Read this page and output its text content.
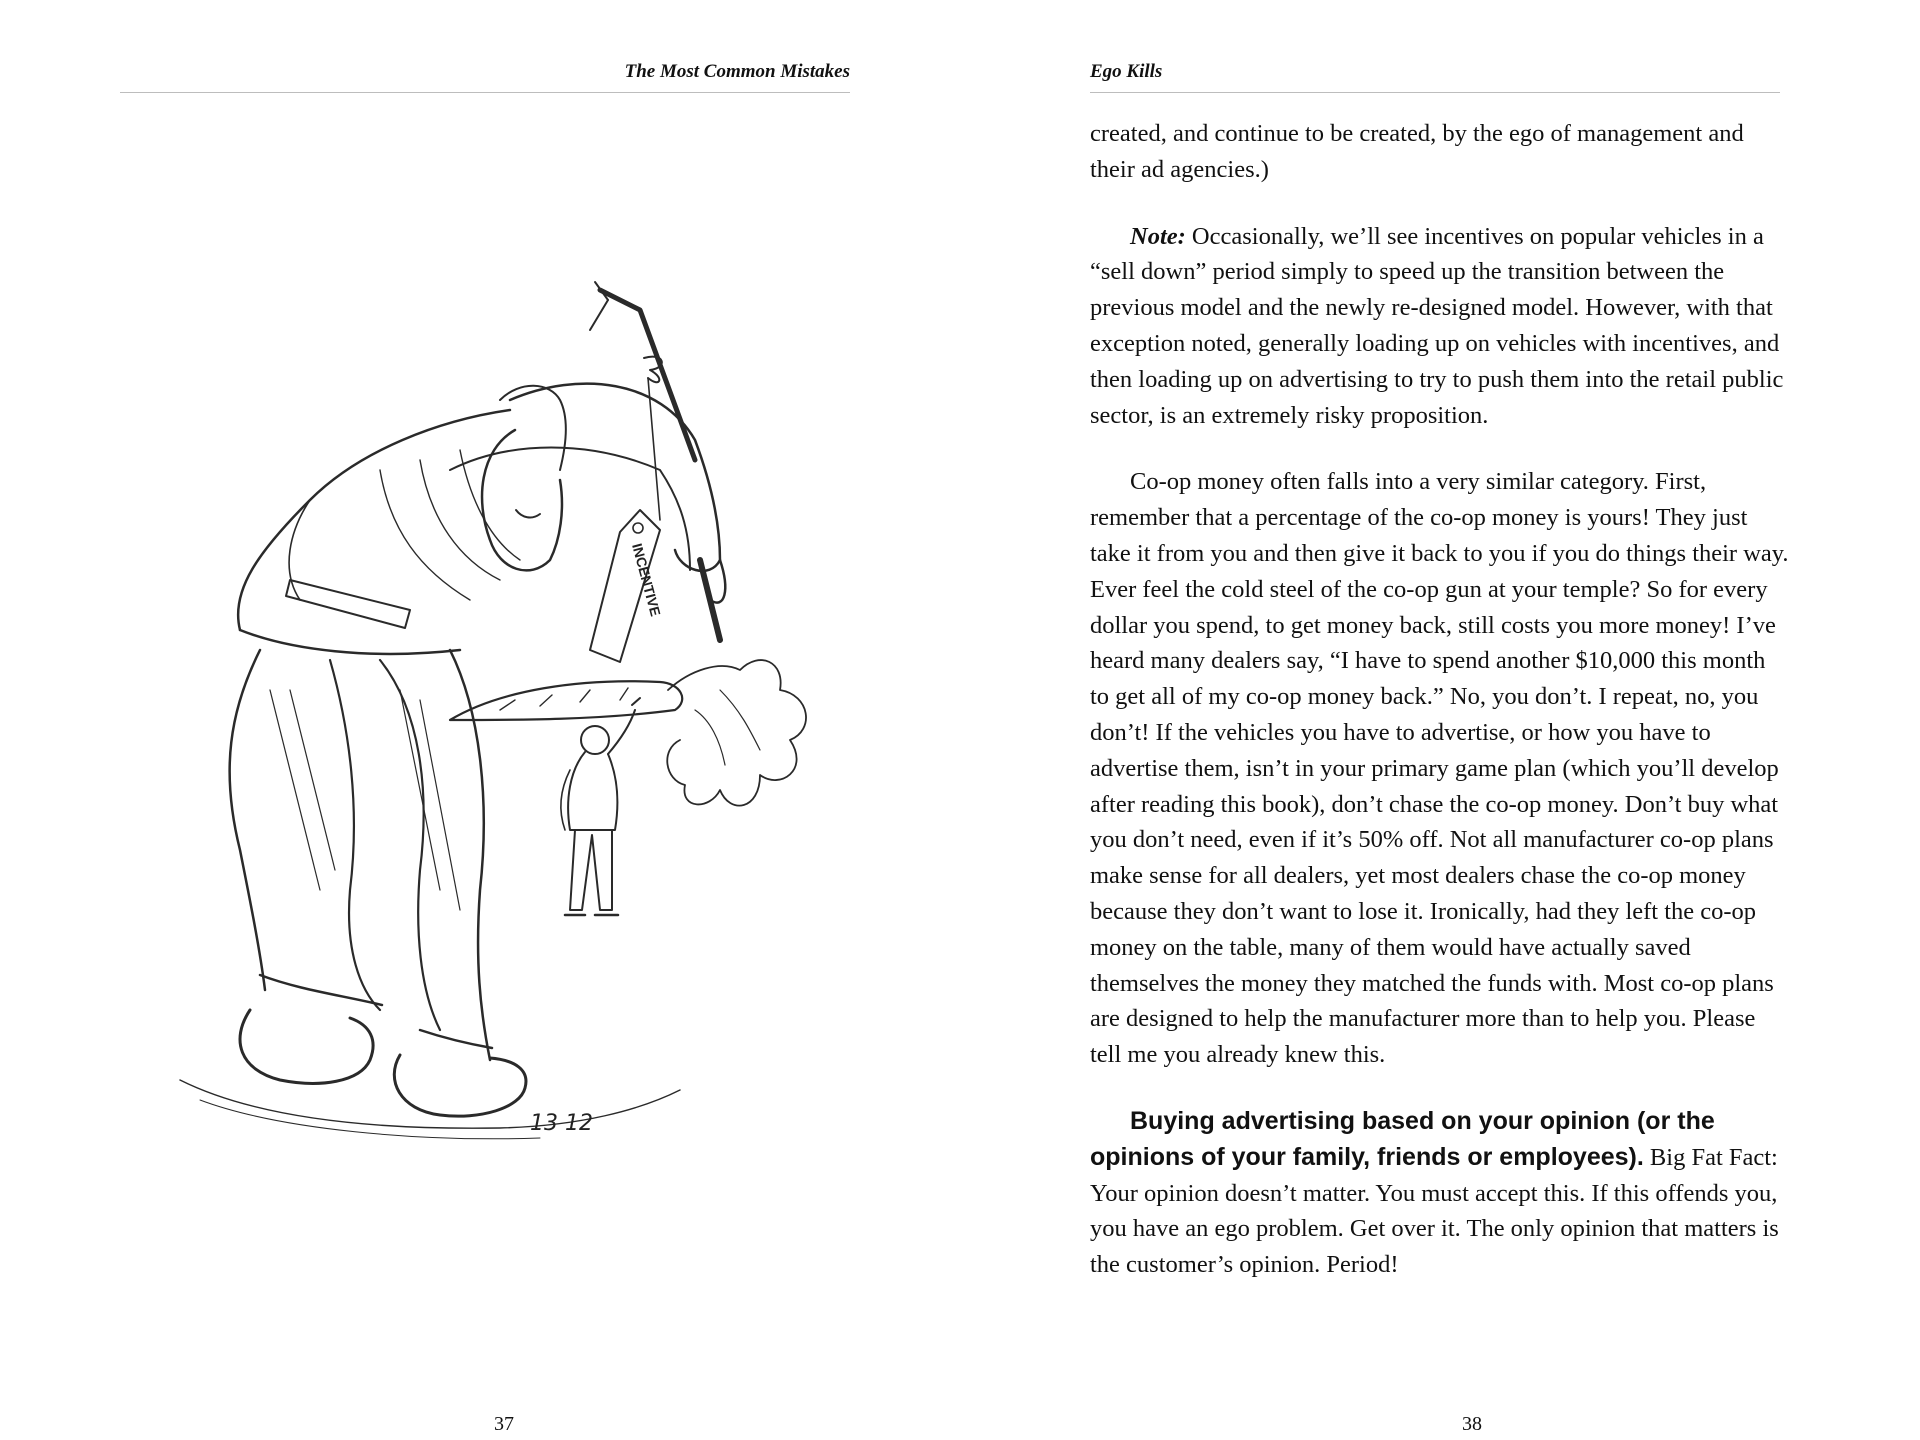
The Most Common Mistakes
INCENTIVE
13 12
37
Ego Kills

created, and continue to be created, by the ego of management and their ad agencies.)

Note: Occasionally, we’ll see incentives on popular vehicles in a “sell down” period simply to speed up the transition between the previous model and the newly re-designed model. However, with that exception noted, generally loading up on vehicles with incentives, and then loading up on advertising to try to push them into the retail public sector, is an extremely risky proposition.

Co-op money often falls into a very similar category. First, remember that a percentage of the co-op money is yours! They just take it from you and then give it back to you if you do things their way. Ever feel the cold steel of the co-op gun at your temple? So for every dollar you spend, to get money back, still costs you more money! I’ve heard many dealers say, “I have to spend another $10,000 this month to get all of my co-op money back.” No, you don’t. I repeat, no, you don’t! If the vehicles you have to advertise, or how you have to advertise them, isn’t in your primary game plan (which you’ll develop after reading this book), don’t chase the co-op money. Don’t buy what you don’t need, even if it’s 50% off. Not all manufacturer co-op plans make sense for all dealers, yet most dealers chase the co-op money because they don’t want to lose it. Ironically, had they left the co-op money on the table, many of them would have actually saved themselves the money they matched the funds with. Most co-op plans are designed to help the manufacturer more than to help you. Please tell me you already knew this.

Buying advertising based on your opinion (or the opinions of your family, friends or employees). Big Fat Fact: Your opinion doesn’t matter. You must accept this. If this offends you, you have an ego problem. Get over it. The only opinion that matters is the customer’s opinion. Period!

38
